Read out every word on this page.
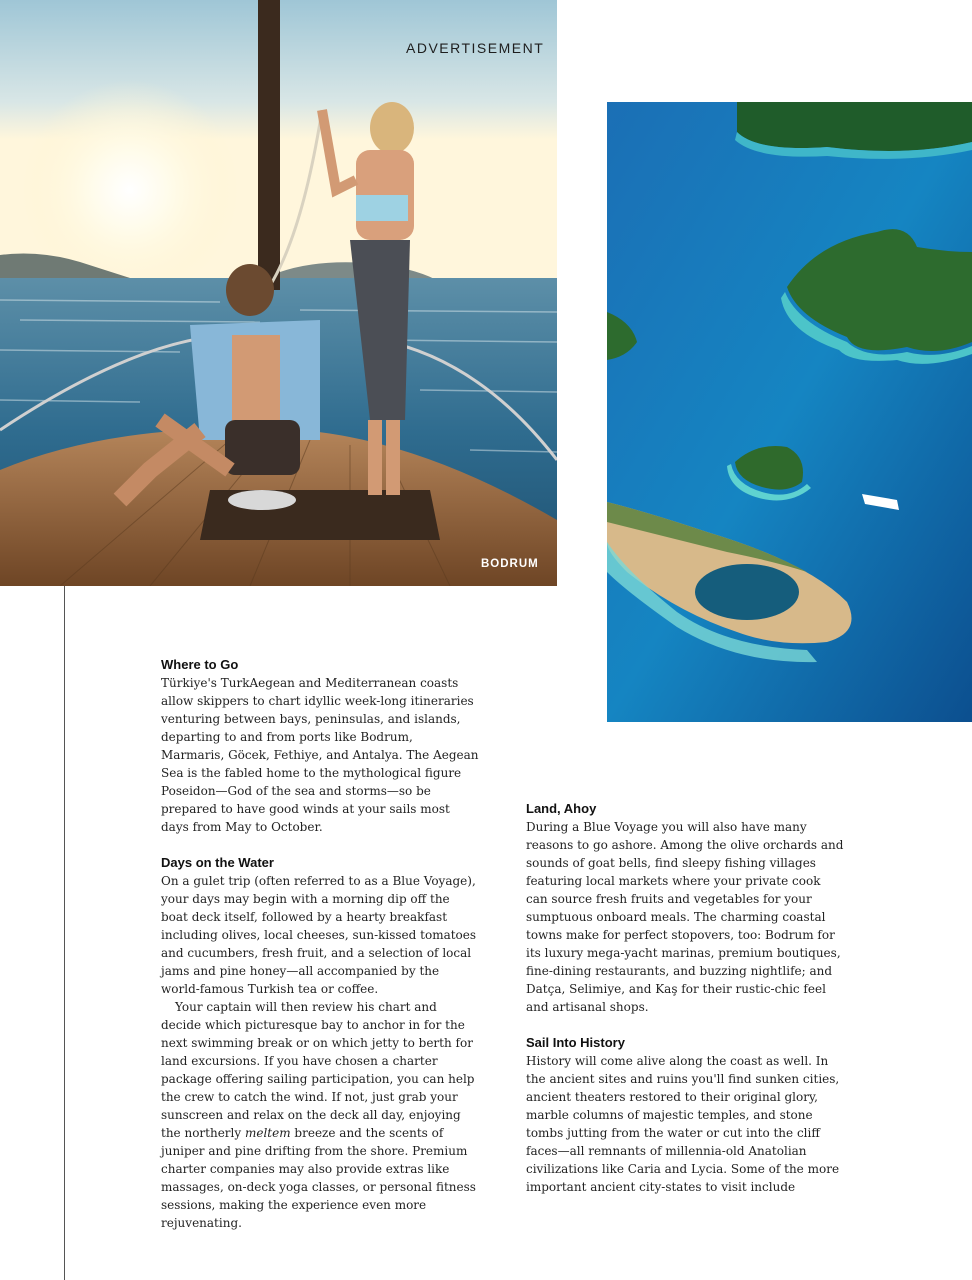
ADVERTISEMENT
BODRUM
Where to Go

Türkiye's TurkAegean and Mediterranean coasts allow skippers to chart idyllic week-long itineraries venturing between bays, peninsulas, and islands, departing to and from ports like Bodrum, Marmaris, Göcek, Fethiye, and Antalya. The Aegean Sea is the fabled home to the mythological figure Poseidon—God of the sea and storms—so be prepared to have good winds at your sails most days from May to October.

Days on the Water

On a gulet trip (often referred to as a Blue Voyage), your days may begin with a morning dip off the boat deck itself, followed by a hearty breakfast including olives, local cheeses, sun-kissed tomatoes and cucumbers, fresh fruit, and a selection of local jams and pine honey—all accompanied by the world-famous Turkish tea or coffee.

Your captain will then review his chart and decide which picturesque bay to anchor in for the next swimming break or on which jetty to berth for land excursions. If you have chosen a charter package offering sailing participation, you can help the crew to catch the wind. If not, just grab your sunscreen and relax on the deck all day, enjoying the northerly meltem breeze and the scents of juniper and pine drifting from the shore. Premium charter companies may also provide extras like massages, on-deck yoga classes, or personal fitness sessions, making the experience even more rejuvenating.

Land, Ahoy

During a Blue Voyage you will also have many reasons to go ashore. Among the olive orchards and sounds of goat bells, find sleepy fishing villages featuring local markets where your private cook can source fresh fruits and vegetables for your sumptuous onboard meals. The charming coastal towns make for perfect stopovers, too: Bodrum for its luxury mega-yacht marinas, premium boutiques, fine-dining restaurants, and buzzing nightlife; and Datça, Selimiye, and Kaş for their rustic-chic feel and artisanal shops.

Sail Into History

History will come alive along the coast as well. In the ancient sites and ruins you'll find sunken cities, ancient theaters restored to their original glory, marble columns of majestic temples, and stone tombs jutting from the water or cut into the cliff faces—all remnants of millennia-old Anatolian civilizations like Caria and Lycia. Some of the more important ancient city-states to visit include
